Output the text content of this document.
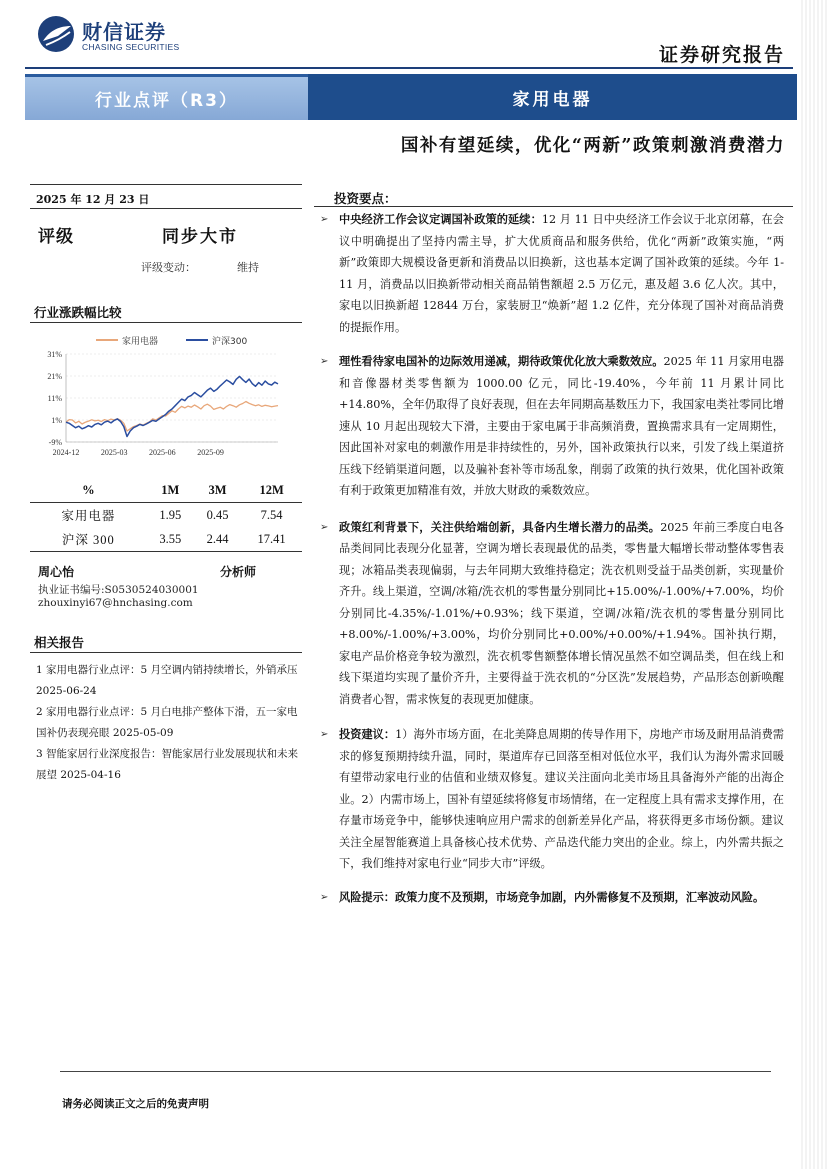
财信证券
CHASING SECURITIES	证券研究报告
行业点评（R3）	家用电器
国补有望延续，优化“两新”政策刺激消费潜力
2025 年 12 月 23 日
评级	同步大市
评级变动：	维持
行业涨跌幅比较
家用电器	沪深300
31%
21%
11%
1%
-9%
2024-12	2025-03	2025-06	2025-09
%	1M	3M	12M
家用电器	1.95	0.45	7.54
沪深 300	3.55	2.44	17.41
周心怡	分析师
执业证书编号:S0530524030001
zhouxinyi67@hnchasing.com
相关报告

1 家用电器行业点评：5 月空调内销持续增长，外销承压 2025-06-24

2 家用电器行业点评：5 月白电排产整体下滑，五一家电国补仍表现亮眼 2025-05-09

3 智能家居行业深度报告：智能家居行业发展现状和未来展望 2025-04-16

投资要点：
➢ 中央经济工作会议定调国补政策的延续：12 月 11 日中央经济工作会议于北京闭幕，在会议中明确提出了坚持内需主导，扩大优质商品和服务供给，优化“两新”政策实施，“两新”政策即大规模设备更新和消费品以旧换新，这也基本定调了国补政策的延续。今年 1-11 月，消费品以旧换新带动相关商品销售额超 2.5 万亿元，惠及超 3.6 亿人次。其中，家电以旧换新超 12844 万台，家装厨卫“焕新”超 1.2 亿件，充分体现了国补对商品消费的提振作用。
➢ 理性看待家电国补的边际效用递减，期待政策优化放大乘数效应。2025 年 11 月家用电器和音像器材类零售额为 1000.00 亿元，同比-19.40%，今年前 11 月累计同比+14.80%，全年仍取得了良好表现，但在去年同期高基数压力下，我国家电类社零同比增速从 10 月起出现较大下滑，主要由于家电属于非高频消费，置换需求具有一定周期性，因此国补对家电的刺激作用是非持续性的，另外，国补政策执行以来，引发了线上渠道挤压线下经销渠道问题，以及骗补套补等市场乱象，削弱了政策的执行效果，优化国补政策有利于政策更加精准有效，并放大财政的乘数效应。
➢ 政策红利背景下，关注供给端创新，具备内生增长潜力的品类。2025 年前三季度白电各品类间同比表现分化显著，空调为增长表现最优的品类，零售量大幅增长带动整体零售表现；冰箱品类表现偏弱，与去年同期大致维持稳定；洗衣机则受益于品类创新，实现量价齐升。线上渠道，空调/冰箱/洗衣机的零售量分别同比+15.00%/-1.00%/+7.00%，均价分别同比-4.35%/-1.01%/+0.93%；线下渠道，空调/冰箱/洗衣机的零售量分别同比+8.00%/-1.00%/+3.00%，均价分别同比+0.00%/+0.00%/+1.94%。国补执行期，家电产品价格竞争较为激烈，洗衣机零售额整体增长情况虽然不如空调品类，但在线上和线下渠道均实现了量价齐升，主要得益于洗衣机的“分区洗”发展趋势，产品形态创新唤醒消费者心智，需求恢复的表现更加健康。
➢ 投资建议：1）海外市场方面，在北美降息周期的传导作用下，房地产市场及耐用品消费需求的修复预期持续升温，同时，渠道库存已回落至相对低位水平，我们认为海外需求回暖有望带动家电行业的估值和业绩双修复。建议关注面向北美市场且具备海外产能的出海企业。2）内需市场上，国补有望延续将修复市场情绪，在一定程度上具有需求支撑作用，在存量市场竞争中，能够快速响应用户需求的创新差异化产品，将获得更多市场份额。建议关注全屋智能赛道上具备核心技术优势、产品迭代能力突出的企业。综上，内外需共振之下，我们维持对家电行业“同步大市”评级。
➢ 风险提示：政策力度不及预期，市场竞争加剧，内外需修复不及预期，汇率波动风险。
请务必阅读正文之后的免责声明
